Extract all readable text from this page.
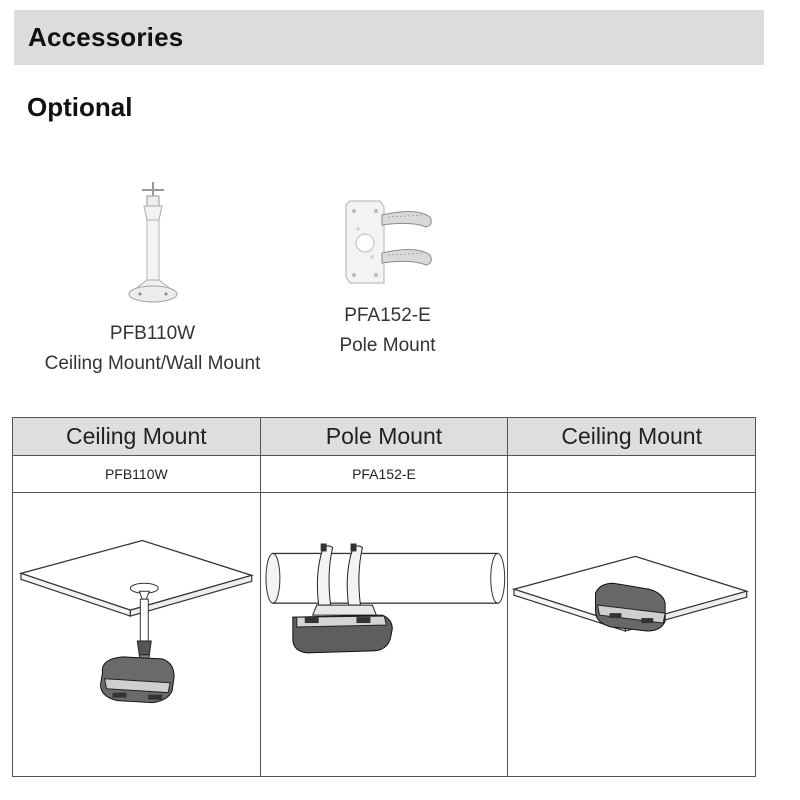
Accessories
Optional
PFB110W
Ceiling Mount/Wall Mount
PFA152-E
Pole Mount
Ceiling Mount	Pole Mount	Ceiling Mount
PFB110W	PFA152-E	
